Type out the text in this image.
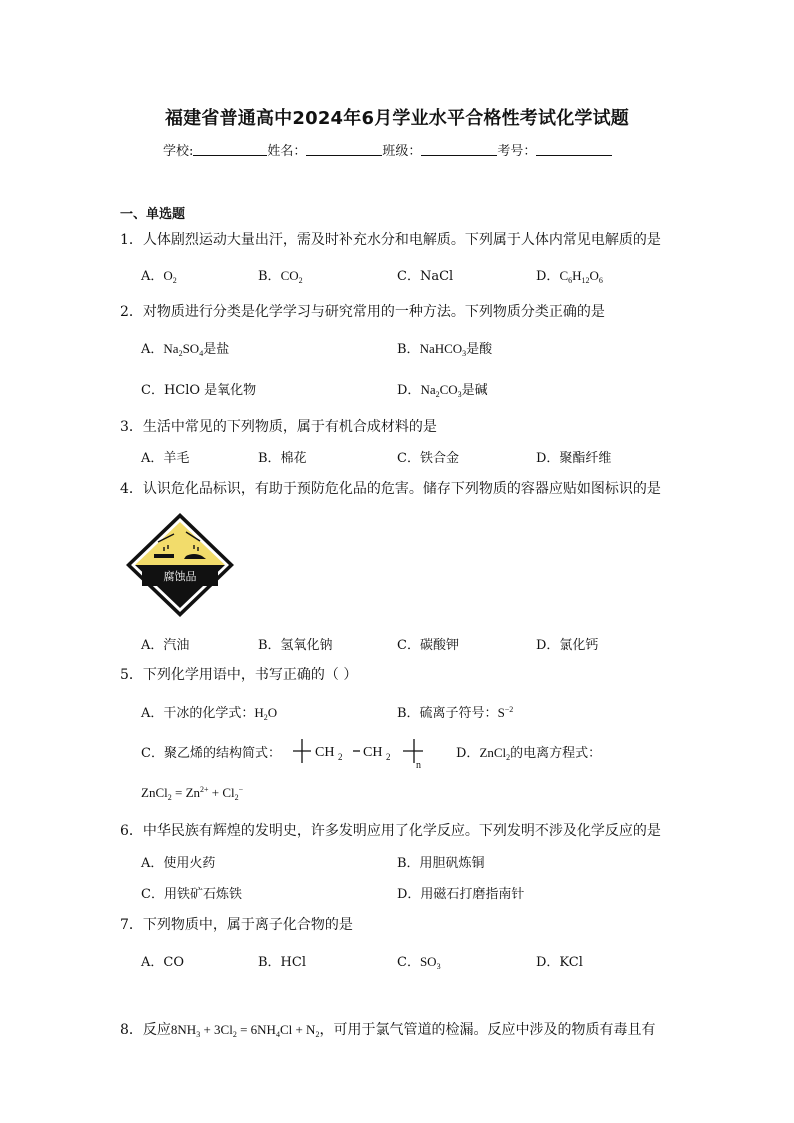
福建省普通高中2024年6月学业水平合格性考试化学试题
学校:	姓名：	班级：	考号：
一、单选题
1．人体剧烈运动大量出汗，需及时补充水分和电解质。下列属于人体内常见电解质的是
A．$O_2$	B．$CO_2$	C．NaCl	D．$C_6H_{12}O_6$
2．对物质进行分类是化学学习与研究常用的一种方法。下列物质分类正确的是
A．$Na_2SO_4$是盐	B．NaHCO$_3$是酸
C．HClO 是氧化物	D．$Na_2CO_3$是碱
3．生活中常见的下列物质，属于有机合成材料的是
A．羊毛	B．棉花	C．铁合金	D．聚酯纤维
4．认识危化品标识，有助于预防危化品的危害。储存下列物质的容器应贴如图标识的是
腐蚀品
A．汽油	B．氢氧化钠	C．碳酸钾	D．氯化钙
5．下列化学用语中，书写正确的（ ）
A．干冰的化学式：$H_2O$	B．硫离子符号：$S^{-2}$
C．聚乙烯的结构简式： CH 2 CH 2
n
D．ZnCl$_2$的电离方程式：
ZnCl$_2$ = $Zn^{2+} + Cl_2^-$
6．中华民族有辉煌的发明史，许多发明应用了化学反应。下列发明不涉及化学反应的是
A．使用火药	B．用胆矾炼铜
C．用铁矿石炼铁	D．用磁石打磨指南针
7．下列物质中，属于离子化合物的是
A．CO	B．HCl	C．$SO_3$	D．KCl
8．反应$8NH_3 + 3Cl_2 = 6NH_4Cl + N_2$，可用于氯气管道的检漏。反应中涉及的物质有毒且有
